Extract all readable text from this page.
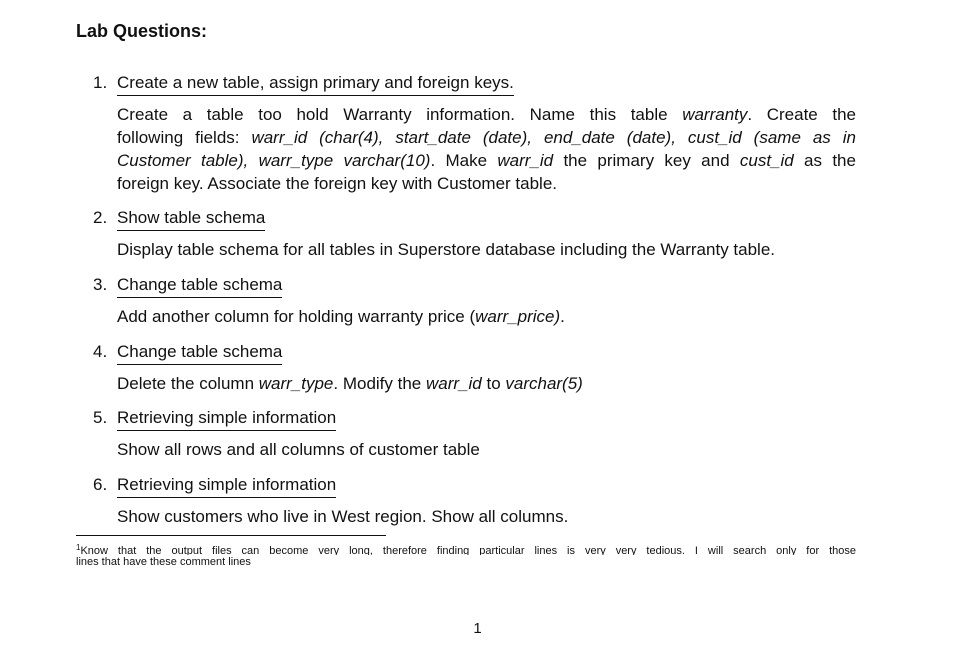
Lab Questions:
1. Create a new table, assign primary and foreign keys.
Create a table too hold Warranty information. Name this table warranty. Create the
following fields: warr_id (char(4), start_date (date), end_date (date), cust_id (same as in
Customer table), warr_type varchar(10). Make warr_id the primary key and cust_id as the
foreign key. Associate the foreign key with Customer table.
2. Show table schema
Display table schema for all tables in Superstore database including the Warranty table.
3. Change table schema
Add another column for holding warranty price (warr_price).
4. Change table schema
Delete the column warr_type. Modify the warr_id to varchar(5)
5. Retrieving simple information
Show all rows and all columns of customer table
6. Retrieving simple information
Show customers who live in West region. Show all columns.
$^1$Know that the output files can become very long, therefore finding particular lines is very very tedious. I will search only for those
lines that have these comment lines
1
